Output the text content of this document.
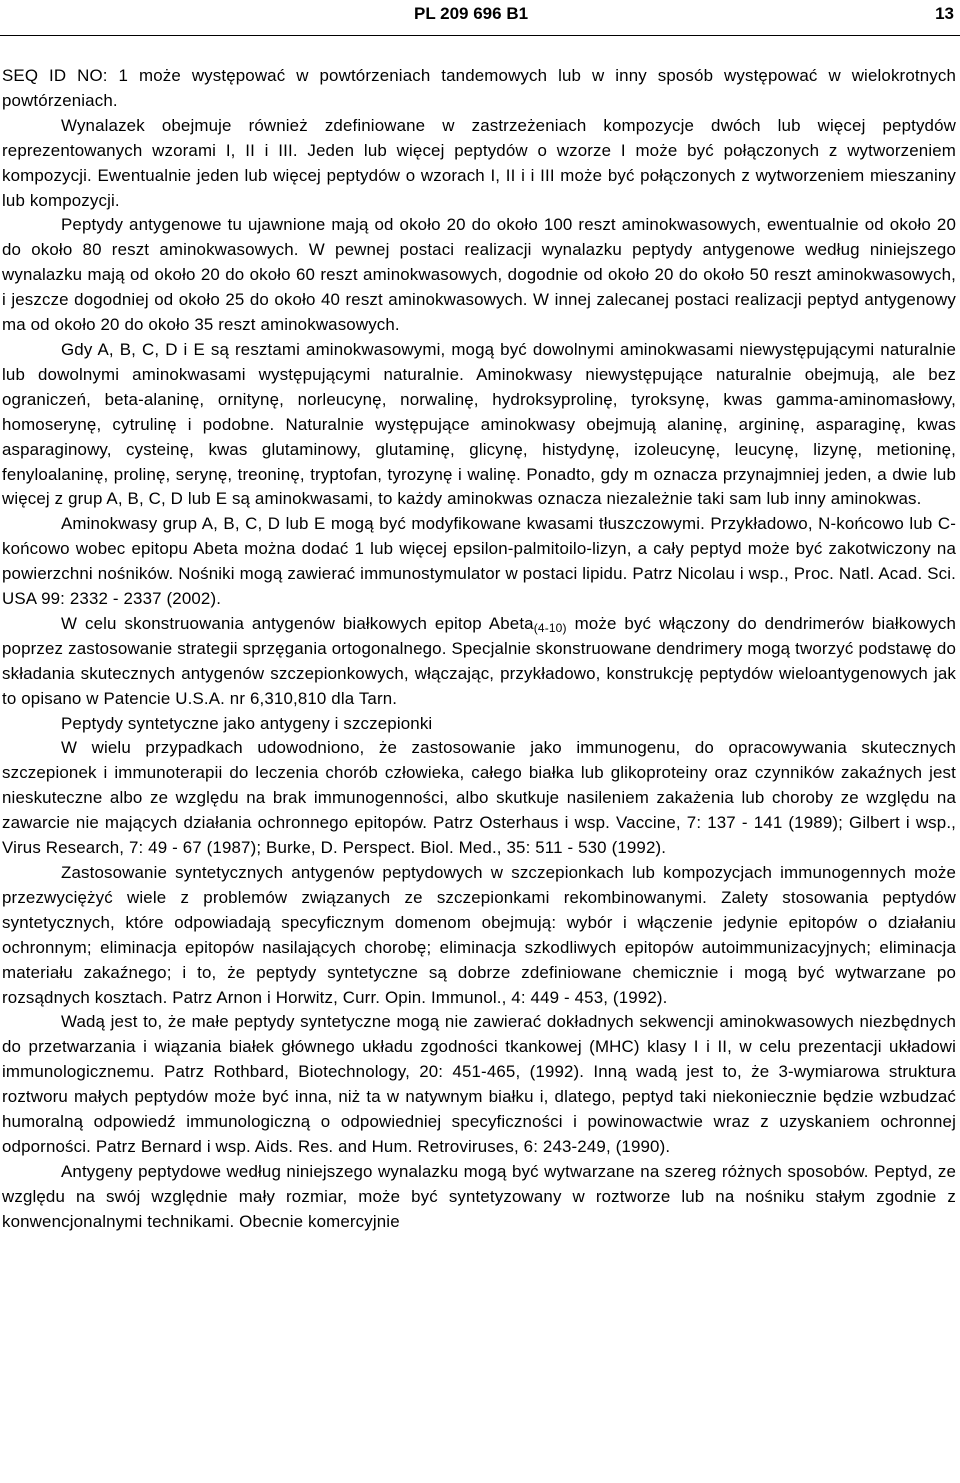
PL 209 696 B1	13

SEQ ID NO: 1 może występować w powtórzeniach tandemowych lub w inny sposób występować w wielokrotnych powtórzeniach.

Wynalazek obejmuje również zdefiniowane w zastrzeżeniach kompozycje dwóch lub więcej peptydów reprezentowanych wzorami I, II i III. Jeden lub więcej peptydów o wzorze I może być połączonych z wytworzeniem kompozycji. Ewentualnie jeden lub więcej peptydów o wzorach I, II i i III może być połączonych z wytworzeniem mieszaniny lub kompozycji.

Peptydy antygenowe tu ujawnione mają od około 20 do około 100 reszt aminokwasowych, ewentualnie od około 20 do około 80 reszt aminokwasowych. W pewnej postaci realizacji wynalazku peptydy antygenowe według niniejszego wynalazku mają od około 20 do około 60 reszt aminokwasowych, dogodnie od około 20 do około 50 reszt aminokwasowych, i jeszcze dogodniej od około 25 do około 40 reszt aminokwasowych. W innej zalecanej postaci realizacji peptyd antygenowy ma od około 20 do około 35 reszt aminokwasowych.

Gdy A, B, C, D i E są resztami aminokwasowymi, mogą być dowolnymi aminokwasami niewystępującymi naturalnie lub dowolnymi aminokwasami występującymi naturalnie. Aminokwasy niewystępujące naturalnie obejmują, ale bez ograniczeń, beta-alaninę, ornitynę, norleucynę, norwalinę, hydroksyprolinę, tyroksynę, kwas gamma-aminomasłowy, homoserynę, cytrulinę i podobne. Naturalnie występujące aminokwasy obejmują alaninę, argininę, asparaginę, kwas asparaginowy, cysteinę, kwas glutaminowy, glutaminę, glicynę, histydynę, izoleucynę, leucynę, lizynę, metioninę, fenyloalaninę, prolinę, serynę, treoninę, tryptofan, tyrozynę i walinę. Ponadto, gdy m oznacza przynajmniej jeden, a dwie lub więcej z grup A, B, C, D lub E są aminokwasami, to każdy aminokwas oznacza niezależnie taki sam lub inny aminokwas.

Aminokwasy grup A, B, C, D lub E mogą być modyfikowane kwasami tłuszczowymi. Przykładowo, N-końcowo lub C-końcowo wobec epitopu Abeta można dodać 1 lub więcej epsilon-palmitoilo-lizyn, a cały peptyd może być zakotwiczony na powierzchni nośników. Nośniki mogą zawierać immunostymulator w postaci lipidu. Patrz Nicolau i wsp., Proc. Natl. Acad. Sci. USA 99: 2332 - 2337 (2002).

W celu skonstruowania antygenów białkowych epitop Abeta$_{(4-10)}$ może być włączony do dendrimerów białkowych poprzez zastosowanie strategii sprzęgania ortogonalnego. Specjalnie skonstruowane dendrimery mogą tworzyć podstawę do składania skutecznych antygenów szczepionkowych, włączając, przykładowo, konstrukcję peptydów wieloantygenowych jak to opisano w Patencie U.S.A. nr 6,310,810 dla Tarn.

Peptydy syntetyczne jako antygeny i szczepionki

W wielu przypadkach udowodniono, że zastosowanie jako immunogenu, do opracowywania skutecznych szczepionek i immunoterapii do leczenia chorób człowieka, całego białka lub glikoproteiny oraz czynników zakaźnych jest nieskuteczne albo ze względu na brak immunogenności, albo skutkuje nasileniem zakażenia lub choroby ze względu na zawarcie nie mających działania ochronnego epitopów. Patrz Osterhaus i wsp. Vaccine, 7: 137 - 141 (1989); Gilbert i wsp., Virus Research, 7: 49 - 67 (1987); Burke, D. Perspect. Biol. Med., 35: 511 - 530 (1992).

Zastosowanie syntetycznych antygenów peptydowych w szczepionkach lub kompozycjach immunogennych może przezwyciężyć wiele z problemów związanych ze szczepionkami rekombinowanymi. Zalety stosowania peptydów syntetycznych, które odpowiadają specyficznym domenom obejmują: wybór i włączenie jedynie epitopów o działaniu ochronnym; eliminacja epitopów nasilających chorobę; eliminacja szkodliwych epitopów autoimmunizacyjnych; eliminacja materiału zakaźnego; i to, że peptydy syntetyczne są dobrze zdefiniowane chemicznie i mogą być wytwarzane po rozsądnych kosztach. Patrz Arnon i Horwitz, Curr. Opin. Immunol., 4: 449 - 453, (1992).

Wadą jest to, że małe peptydy syntetyczne mogą nie zawierać dokładnych sekwencji aminokwasowych niezbędnych do przetwarzania i wiązania białek głównego układu zgodności tkankowej (MHC) klasy I i II, w celu prezentacji układowi immunologicznemu. Patrz Rothbard, Biotechnology, 20: 451-465, (1992). Inną wadą jest to, że 3-wymiarowa struktura roztworu małych peptydów może być inna, niż ta w natywnym białku i, dlatego, peptyd taki niekoniecznie będzie wzbudzać humoralną odpowiedź immunologiczną o odpowiedniej specyficzności i powinowactwie wraz z uzyskaniem ochronnej odporności. Patrz Bernard i wsp. Aids. Res. and Hum. Retroviruses, 6: 243-249, (1990).

Antygeny peptydowe według niniejszego wynalazku mogą być wytwarzane na szereg różnych sposobów. Peptyd, ze względu na swój względnie mały rozmiar, może być syntetyzowany w roztworze lub na nośniku stałym zgodnie z konwencjonalnymi technikami. Obecnie komercyjnie
